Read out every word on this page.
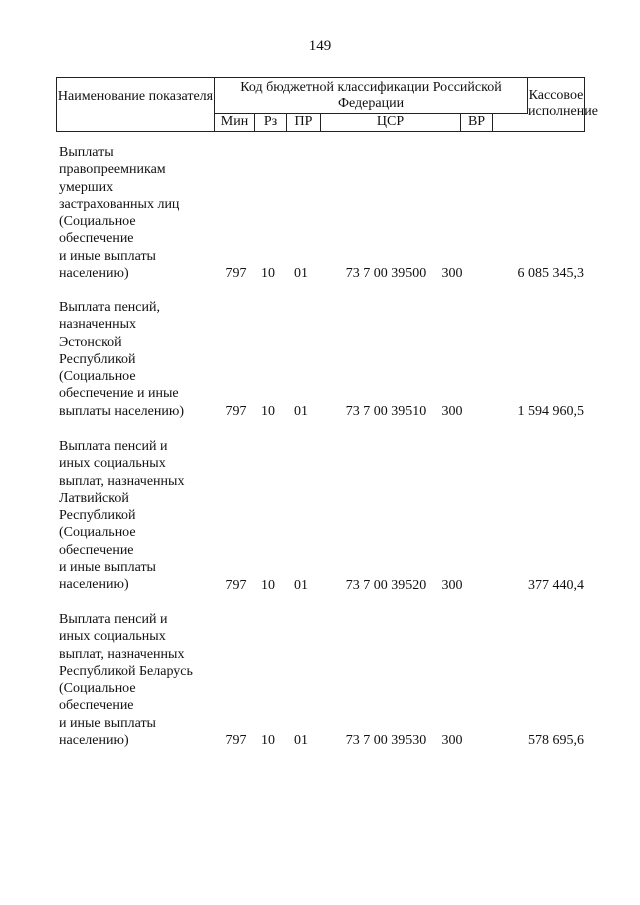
149
Наименование показателя
Код бюджетной классификации Российской Федерации
Мин	Рз	ПР	ЦСР	ВР
Кассовое исполнение
Выплаты
правопреемникам
умерших
застрахованных лиц
(Социальное
обеспечение
и иные выплаты
населению)	797	10	01	73 7 00 39500	300	6 085 345,3
Выплата пенсий,
назначенных
Эстонской
Республикой
(Социальное
обеспечение и иные
выплаты населению)	797	10	01	73 7 00 39510	300	1 594 960,5
Выплата пенсий и
иных социальных
выплат, назначенных
Латвийской
Республикой
(Социальное
обеспечение
и иные выплаты
населению)	797	10	01	73 7 00 39520	300	377 440,4
Выплата пенсий и
иных социальных
выплат, назначенных
Республикой Беларусь
(Социальное
обеспечение
и иные выплаты
населению)	797	10	01	73 7 00 39530	300	578 695,6
